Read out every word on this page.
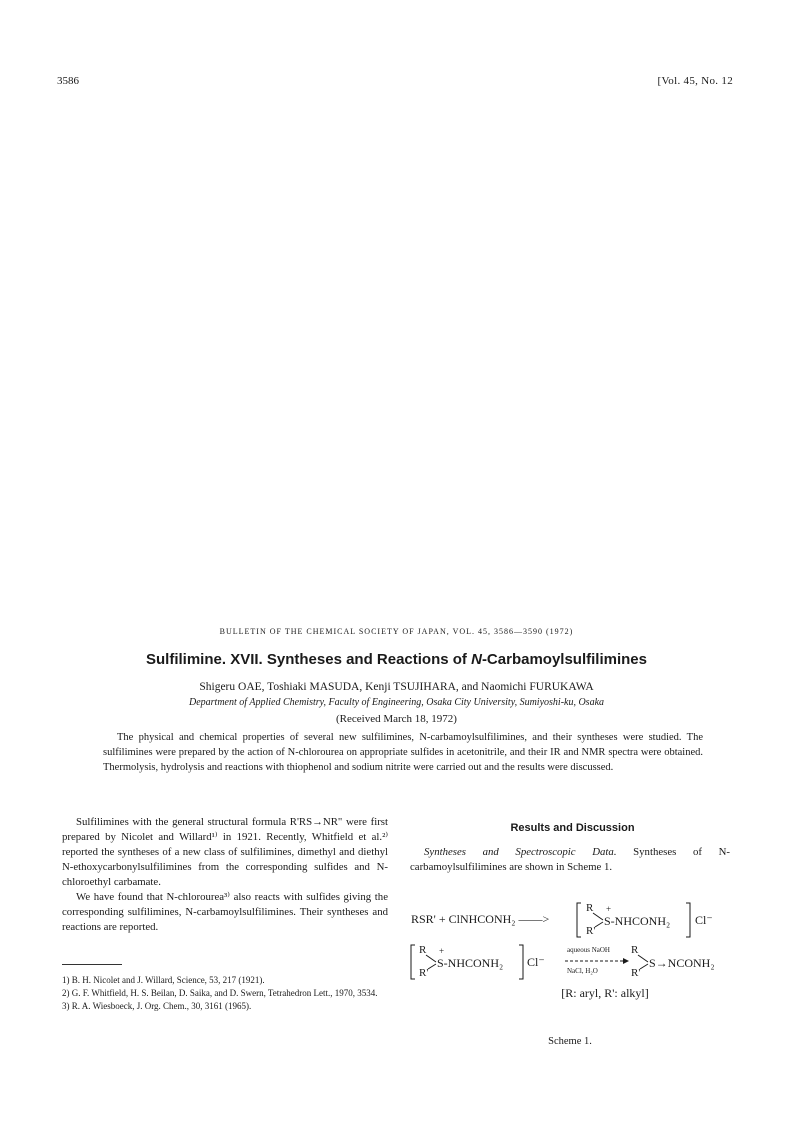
3586	[Vol. 45, No. 12
BULLETIN OF THE CHEMICAL SOCIETY OF JAPAN, VOL. 45, 3586—3590 (1972)
Sulfilimine. XVII. Syntheses and Reactions of N-Carbamoylsulfilimines
Shigeru OAE, Toshiaki MASUDA, Kenji TSUJIHARA, and Naomichi FURUKAWA
Department of Applied Chemistry, Faculty of Engineering, Osaka City University, Sumiyoshi-ku, Osaka
(Received March 18, 1972)
The physical and chemical properties of several new sulfilimines, N-carbamoylsulfilimines, and their syntheses were studied. The sulfilimines were prepared by the action of N-chlorourea on appropriate sulfides in acetonitrile, and their IR and NMR spectra were obtained. Thermolysis, hydrolysis and reactions with thiophenol and sodium nitrite were carried out and the results were discussed.

Sulfilimines with the general structural formula R'RS→NR" were first prepared by Nicolet and Willard¹⁾ in 1921. Recently, Whitfield et al.²⁾ reported the syntheses of a new class of sulfilimines, dimethyl and diethyl N-ethoxycarbonylsulfilimines from the corresponding sulfides and N-chloroethyl carbamate.

We have found that N-chlorourea³⁾ also reacts with sulfides giving the corresponding sulfilimines, N-carbamoylsulfilimines. Their syntheses and reactions are reported.

1) B. H. Nicolet and J. Willard, Science, 53, 217 (1921).
2) G. F. Whitfield, H. S. Beilan, D. Saika, and D. Swern, Tetrahedron Lett., 1970, 3534.
3) R. A. Wiesboeck, J. Org. Chem., 30, 3161 (1965).
Results and Discussion
Syntheses and Spectroscopic Data. Syntheses of N-carbamoylsulfilimines are shown in Scheme 1.
RSR' + ClNHCONH₂ ——>
R
R'
+
S-NHCONH₂ Cl⁻
R
R'
+
S-NHCONH₂ Cl⁻
aqueous NaOH
NaCl, H₂O
R
R'
S→NCONH₂
[R: aryl, R': alkyl]
Scheme 1.
